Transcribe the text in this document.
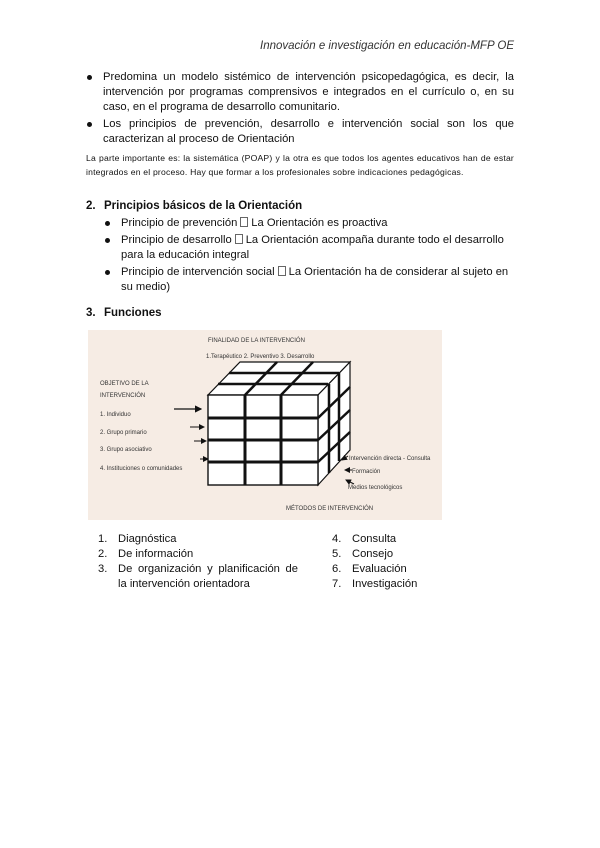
Innovación e investigación en educación-MFP OE
Predomina un modelo sistémico de intervención psicopedagógica, es decir, la intervención por programas comprensivos e integrados en el currículo o, en su caso, en el programa de desarrollo comunitario.
Los principios de prevención, desarrollo e intervención social son los que caracterizan al proceso de Orientación
La parte importante es: la sistemática (POAP) y la otra es que todos los agentes educativos han de estar integrados en el proceso. Hay que formar a los profesionales sobre indicaciones pedagógicas.
2. Principios básicos de la Orientación
Principio de prevención La Orientación es proactiva
Principio de desarrollo La Orientación acompaña durante todo el desarrollo para la educación integral
Principio de intervención social La Orientación ha de considerar al sujeto en su medio)
3. Funciones
FINALIDAD DE LA INTERVENCIÓN
1.Terapéutico 2. Preventivo 3. Desarrollo
OBJETIVO DE LA
INTERVENCIÓN
1. Individuo
2. Grupo primario
3. Grupo asociativo
4. Instituciones o comunidades
Intervención directa - Consulta
Formación
Medios tecnológicos
MÉTODOS DE INTERVENCIÓN
1. Diagnóstica
2. De información
3. De organización y planificación de la intervención orientadora
4. Consulta
5. Consejo
6. Evaluación
7. Investigación
